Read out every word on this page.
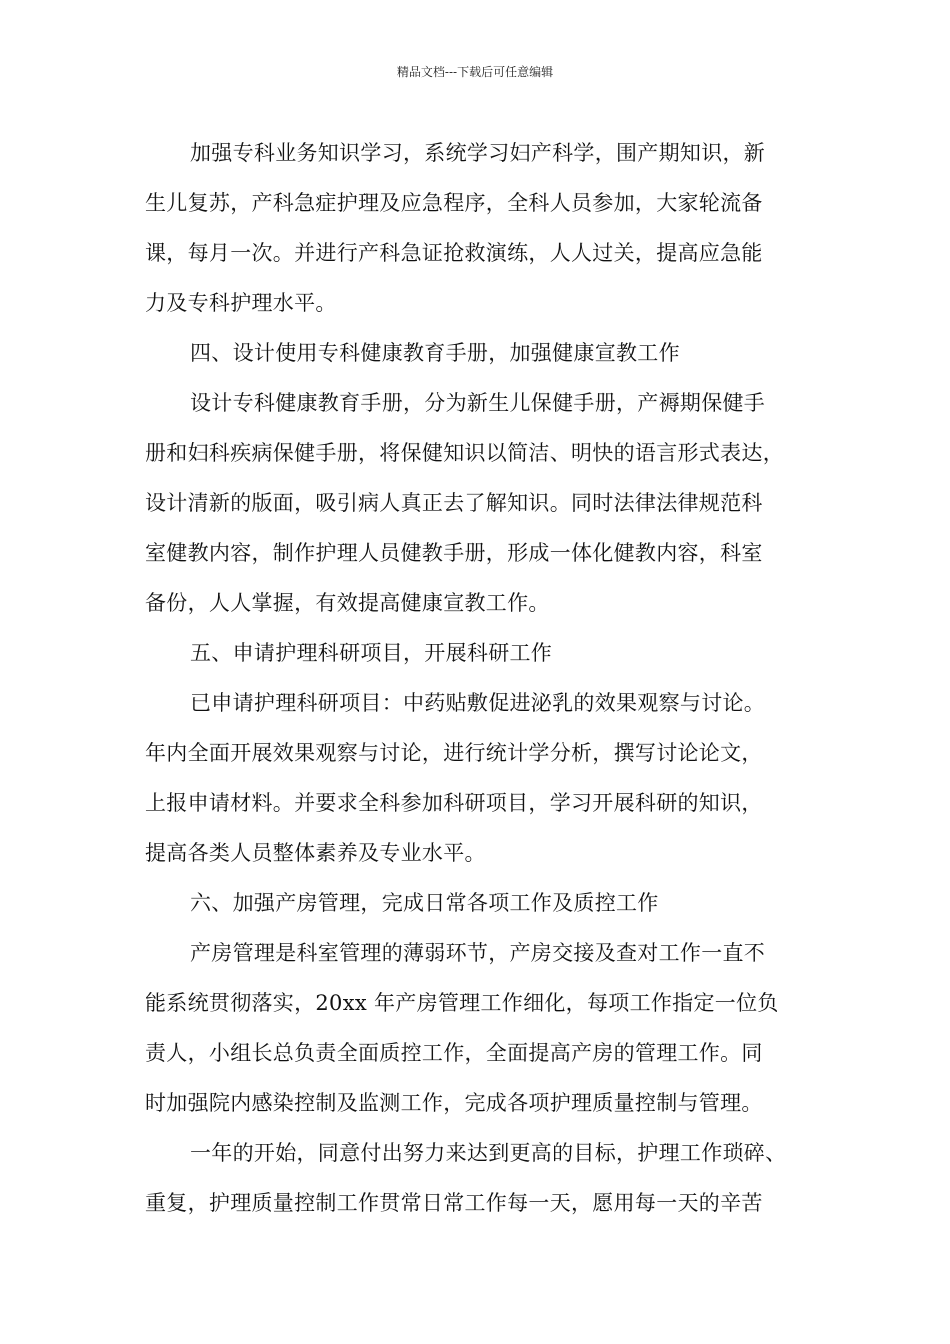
精品文档---下载后可任意编辑
加强专科业务知识学习，系统学习妇产科学，围产期知识，新
生儿复苏，产科急症护理及应急程序，全科人员参加，大家轮流备
课，每月一次。并进行产科急证抢救演练，人人过关，提高应急能
力及专科护理水平。
四、设计使用专科健康教育手册，加强健康宣教工作
设计专科健康教育手册，分为新生儿保健手册，产褥期保健手
册和妇科疾病保健手册，将保健知识以简洁、明快的语言形式表达，
设计清新的版面，吸引病人真正去了解知识。同时法律法律规范科
室健教内容，制作护理人员健教手册，形成一体化健教内容，科室
备份，人人掌握，有效提高健康宣教工作。
五、申请护理科研项目，开展科研工作
已申请护理科研项目：中药贴敷促进泌乳的效果观察与讨论。
年内全面开展效果观察与讨论，进行统计学分析，撰写讨论论文，
上报申请材料。并要求全科参加科研项目，学习开展科研的知识，
提高各类人员整体素养及专业水平。
六、加强产房管理，完成日常各项工作及质控工作
产房管理是科室管理的薄弱环节，产房交接及查对工作一直不
能系统贯彻落实，20xx 年产房管理工作细化，每项工作指定一位负
责人，小组长总负责全面质控工作，全面提高产房的管理工作。同
时加强院内感染控制及监测工作，完成各项护理质量控制与管理。
一年的开始，同意付出努力来达到更高的目标，护理工作琐碎、
重复，护理质量控制工作贯常日常工作每一天，愿用每一天的辛苦
